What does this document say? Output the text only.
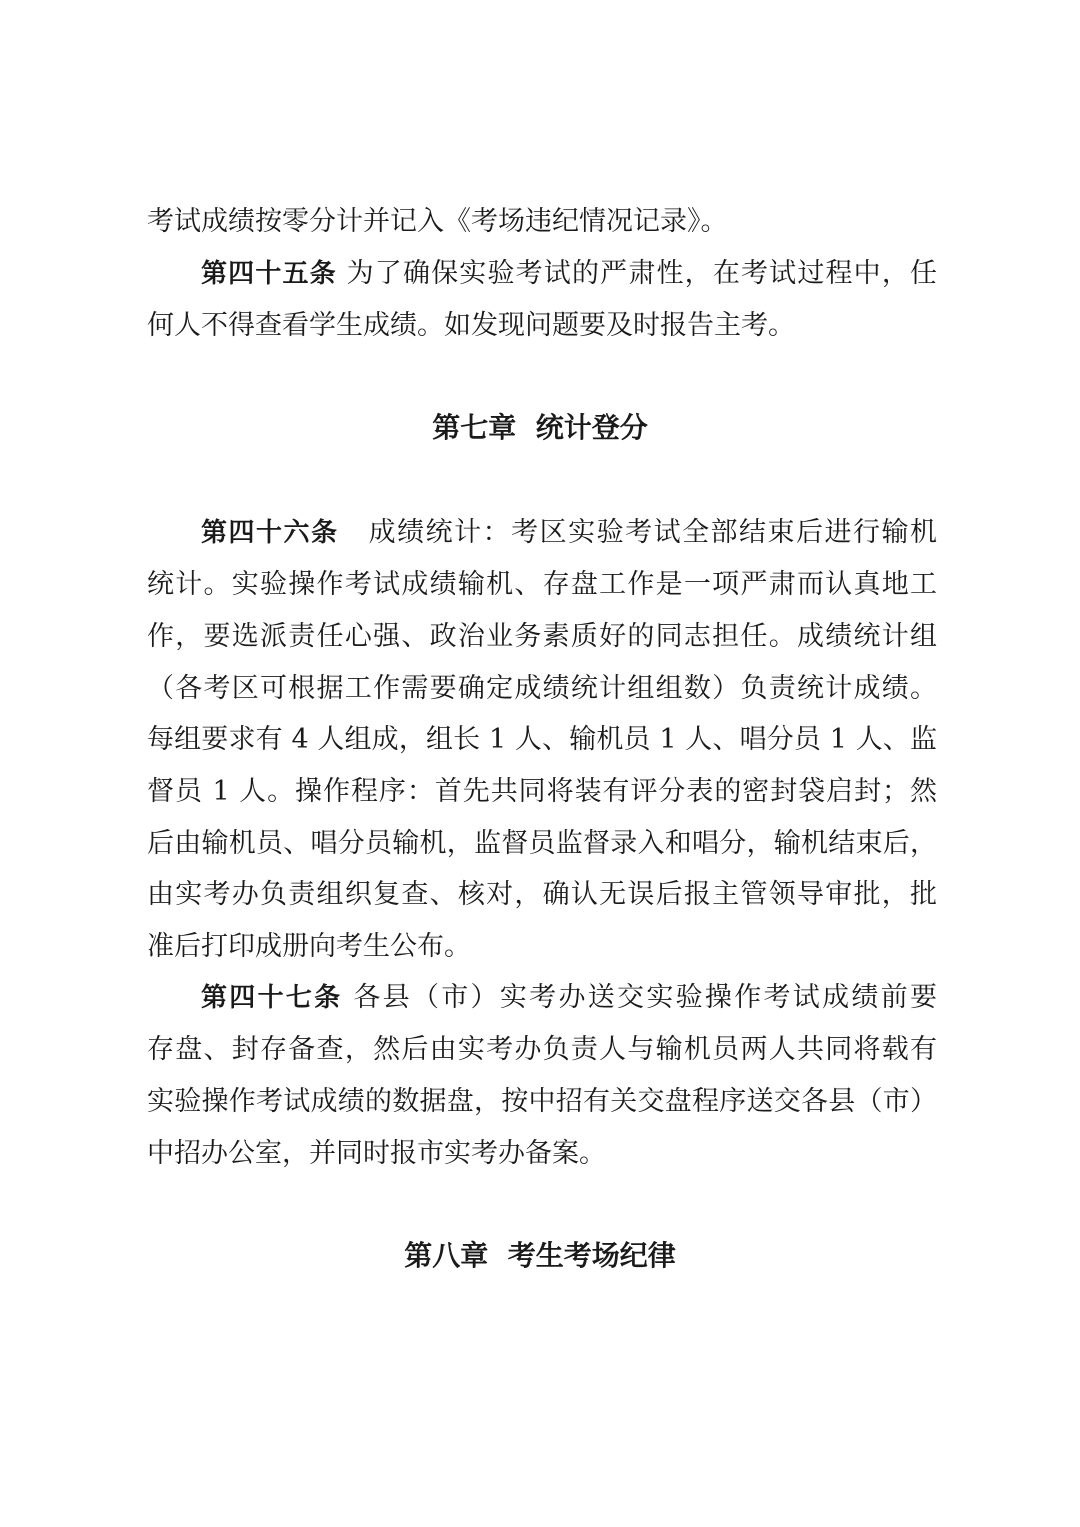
考试成绩按零分计并记入《考场违纪情况记录》。
第四十五条 为了确保实验考试的严肃性，在考试过程中，任
何人不得查看学生成绩。如发现问题要及时报告主考。
第七章  统计登分
第四十六条 成绩统计：考区实验考试全部结束后进行输机
统计。实验操作考试成绩输机、存盘工作是一项严肃而认真地工
作，要选派责任心强、政治业务素质好的同志担任。成绩统计组
（各考区可根据工作需要确定成绩统计组组数）负责统计成绩。
每组要求有 4 人组成，组长 1 人、输机员 1 人、唱分员 1 人、监
督员 1 人。操作程序：首先共同将装有评分表的密封袋启封；然
后由输机员、唱分员输机，监督员监督录入和唱分，输机结束后，
由实考办负责组织复查、核对，确认无误后报主管领导审批，批
准后打印成册向考生公布。
第四十七条 各县（市）实考办送交实验操作考试成绩前要
存盘、封存备查，然后由实考办负责人与输机员两人共同将载有
实验操作考试成绩的数据盘，按中招有关交盘程序送交各县（市）
中招办公室，并同时报市实考办备案。
第八章  考生考场纪律
